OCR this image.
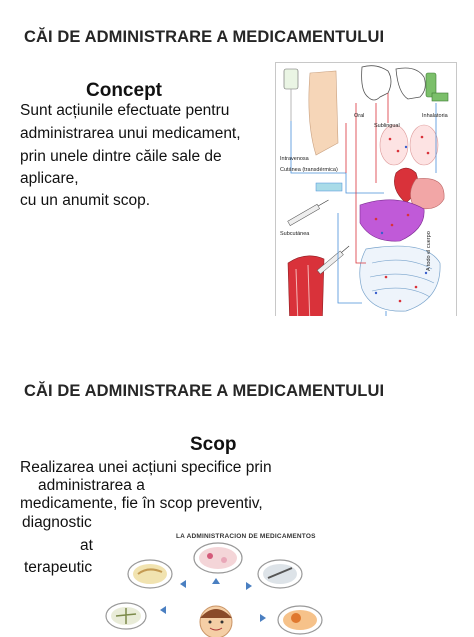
CĂI DE ADMINISTRARE A MEDICAMENTULUI
Concept
Sunt acțiunile efectuate pentru
administrarea unui medicament,
prin unele dintre căile sale de
aplicare,
cu un anumit scop.
Oral
Sublingual
Inhalatoria
Intravenosa
Cutánea (transdérmica)
Subcutánea	A todo el cuerpo
CĂI DE ADMINISTRARE A MEDICAMENTULUI
Scop
Realizarea unei acțiuni specifice prin
administrarea a
medicamente, fie în scop preventiv,
diagnostic
at
terapeutic
LA ADMINISTRACION DE MEDICAMENTOS
